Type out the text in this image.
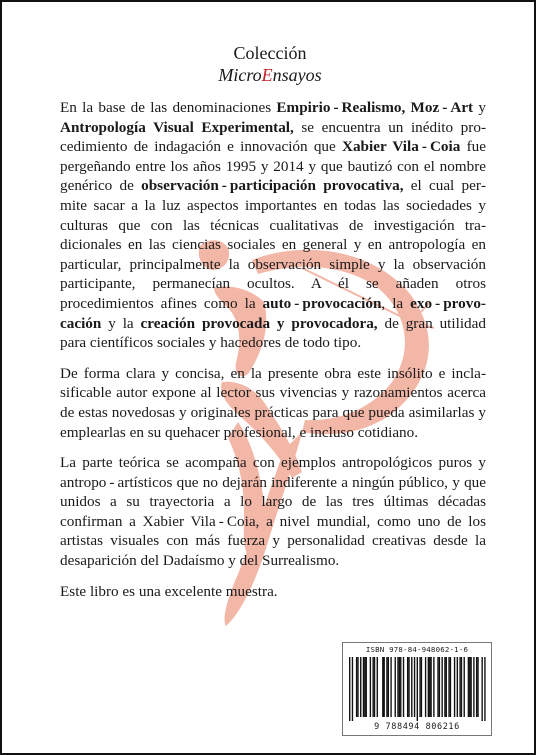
Colección
MicroEnsayos

En la base de las denominaciones Empirio - Realismo, Moz - Art y Antropología Visual Experimental, se encuentra un inédito procedimiento de indagación e innovación que Xabier Vila - Coia fue pergeñando entre los años 1995 y 2014 y que bautizó con el nombre genérico de observación - participación provocativa, el cual permite sacar a la luz aspectos importantes en todas las sociedades y culturas que con las técnicas cualitativas de investigación tradicionales en las ciencias sociales en general y en antropología en particular, principalmente la observación simple y la observación participante, permanecían ocultos. A él se añaden otros procedimientos afines como la auto - provocación, la exo - provocación y la creación provocada y provocadora, de gran utilidad para científicos sociales y hacedores de todo tipo.

De forma clara y concisa, en la presente obra este insólito e inclasificable autor expone al lector sus vivencias y razonamientos acerca de estas novedosas y originales prácticas para que pueda asimilarlas y emplearlas en su quehacer profesional, e incluso cotidiano.

La parte teórica se acompaña con ejemplos antropológicos puros y antropo - artísticos que no dejarán indiferente a ningún público, y que unidos a su trayectoria a lo largo de las tres últimas décadas confirman a Xabier Vila - Coia, a nivel mundial, como uno de los artistas visuales con más fuerza y personalidad creativas desde la desaparición del Dadaísmo y del Surrealismo.

Este libro es una excelente muestra.

ISBN 978-84-948062-1-6
9 788494 806216
